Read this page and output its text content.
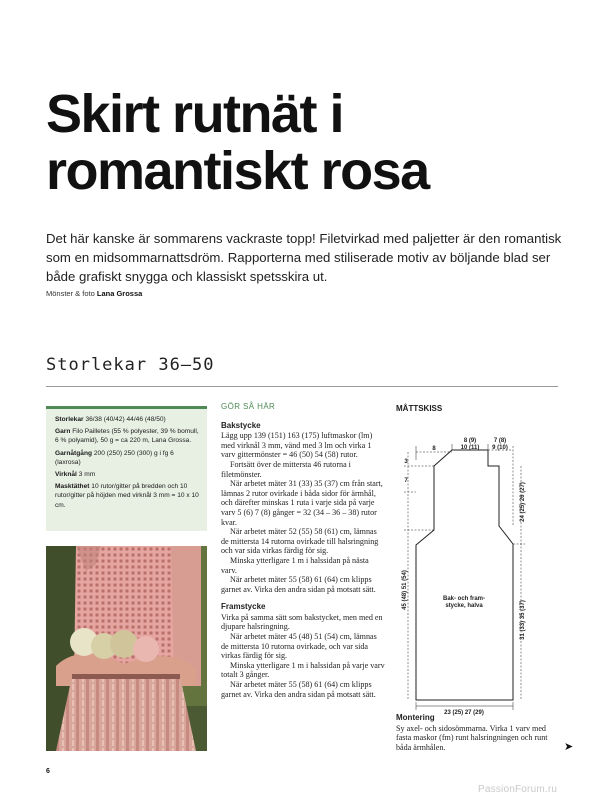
Skirt rutnät i
romantiskt rosa

Det här kanske är sommarens vackraste topp! Filetvirkad med paljetter är den romantisk som en midsommarnattsdröm. Rapporterna med stiliserade motiv av böljande blad ser både grafiskt snygga och klassiskt spetsskira ut.

Mönster & foto Lana Grossa
Storlekar 36–50

Storlekar 36/38 (40/42) 44/46 (48/50)

Garn Filo Pailletes (55 % polyester, 39 % bomull, 6 % polyamid), 50 g = ca 220 m, Lana Grossa.

Garnåtgång 200 (250) 250 (300) g i fg 6 (laxrosa)

Virknål 3 mm

Masktäthet 10 rutor/gitter på bredden och 10 rutor/gitter på höjden med virknål 3 mm = 10 x 10 cm.

GÖR SÅ HÄR
Bakstycke

Lägg upp 139 (151) 163 (175) luftmaskor (lm) med virknål 3 mm, vänd med 3 lm och virka 1 varv gittermönster = 46 (50) 54 (58) rutor.

Fortsätt över de mittersta 46 rutorna i filetmönster.

När arbetet mäter 31 (33) 35 (37) cm från start, lämnas 2 rutor ovirkade i båda sidor för ärmhål, och därefter minskas 1 ruta i varje sida på varje varv 5 (6) 7 (8) gånger = 32 (34 – 36 – 38) rutor kvar.

När arbetet mäter 52 (55) 58 (61) cm, lämnas de mittersta 14 rutorna ovirkade till halsringning och var sida virkas färdig för sig.

Minska ytterligare 1 m i halssidan på nästa varv.

När arbetet mäter 55 (58) 61 (64) cm klipps garnet av. Virka den andra sidan på motsatt sätt.

Framstycke

Virka på samma sätt som bakstycket, men med en djupare halsringning.

När arbetet mäter 45 (48) 51 (54) cm, lämnas de mittersta 10 rutorna ovirkade, och var sida virkas färdig för sig.

Minska ytterligare 1 m i halssidan på varje varv totalt 3 gånger.

När arbetet mäter 55 (58) 61 (64) cm klipps garnet av. Virka den andra sidan på motsatt sätt.

MÅTTSKISS
8
8 (9)
10 (11)
7 (8)
9 (10)
3
7
45 (48) 51 (54)
24 (25) 26 (27)
31 (33) 35 (37)
Bak- och fram-
stycke, halva
23 (25) 27 (29)
Montering

Sy axel- och sidosömmarna. Virka 1 varv med fasta maskor (fm) runt halsringningen och runt båda ärmhålen.	➤
6
PassionForum.ru
